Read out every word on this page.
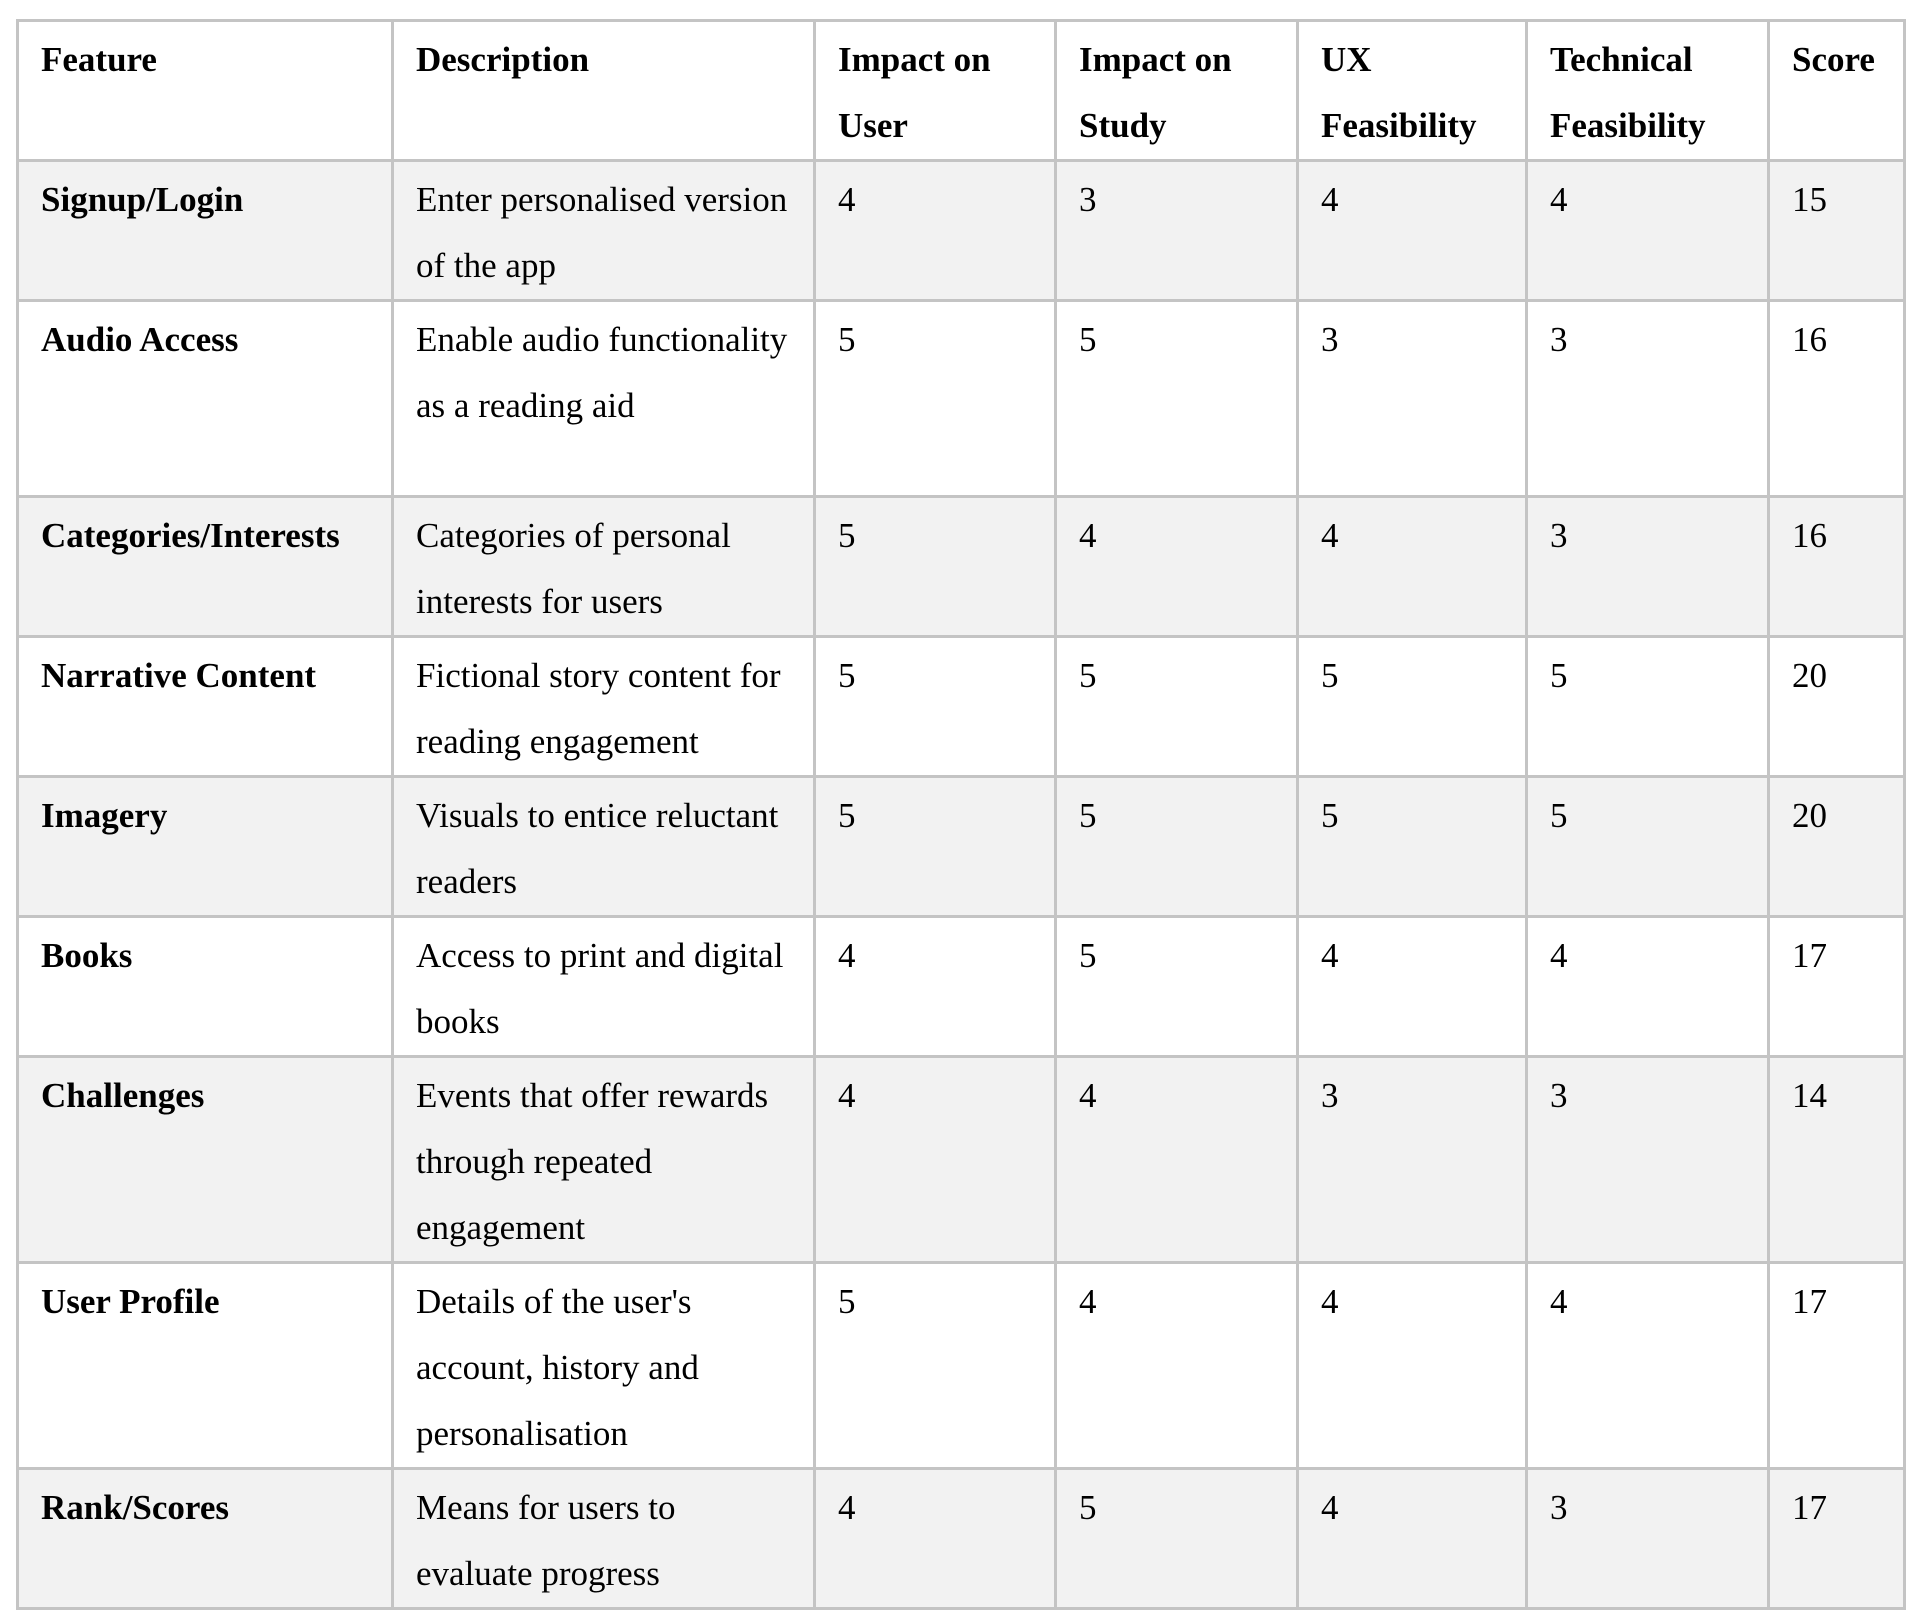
Feature	Description	Impact on User	Impact on Study	UX Feasibility	Technical Feasibility	Score
Signup/Login	Enter personalised version of the app	4	3	4	4	15
Audio Access	Enable audio functionality as a reading aid	5	5	3	3	16
Categories/Interests	Categories of personal interests for users	5	4	4	3	16
Narrative Content	Fictional story content for reading engagement	5	5	5	5	20
Imagery	Visuals to entice reluctant readers	5	5	5	5	20
Books	Access to print and digital books	4	5	4	4	17
Challenges	Events that offer rewards through repeated engagement	4	4	3	3	14
User Profile	Details of the user's account, history and personalisation	5	4	4	4	17
Rank/Scores	Means for users to evaluate progress	4	5	4	3	17
